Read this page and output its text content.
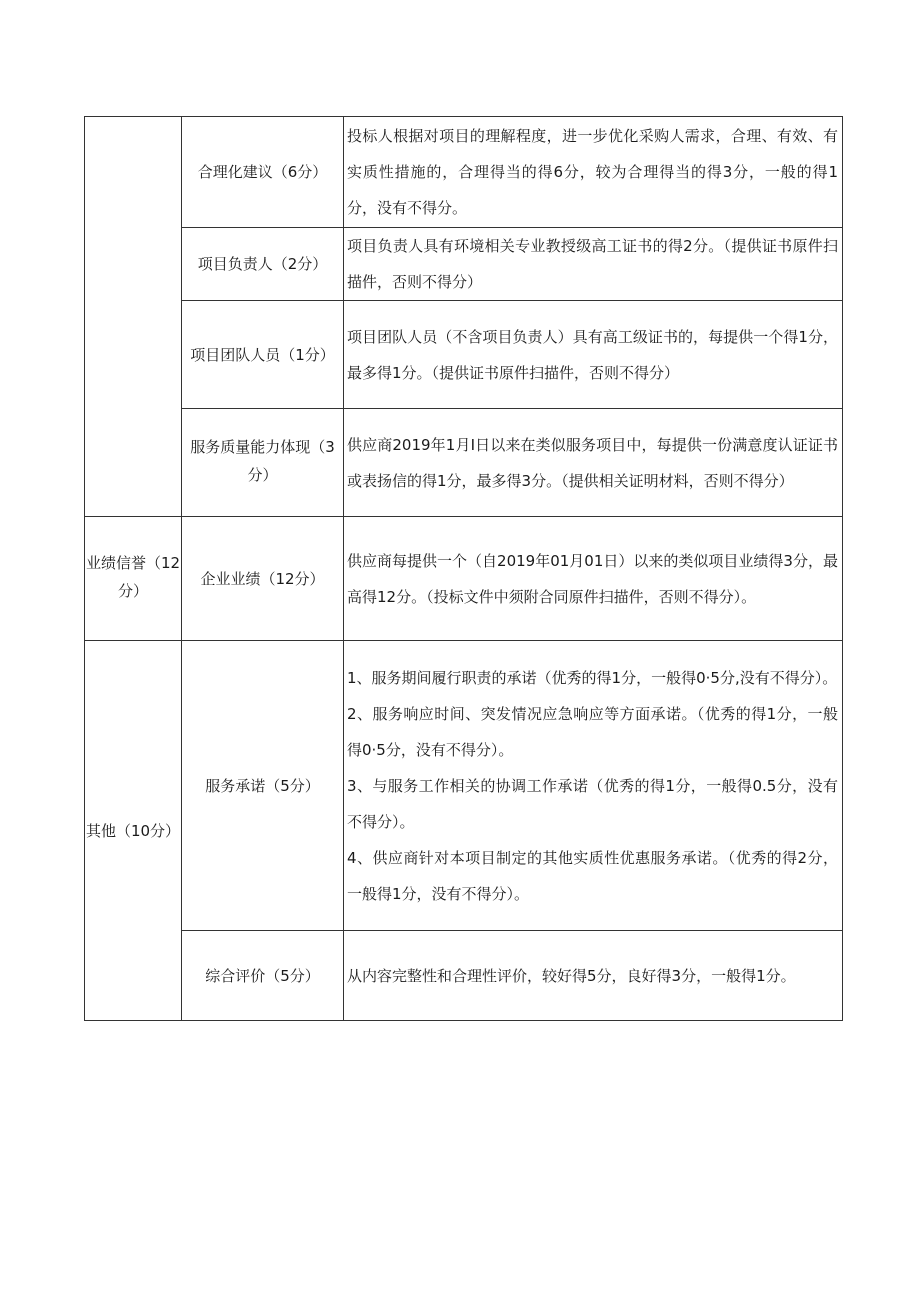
	合理化建议（6分）	投标人根据对项目的理解程度，进一步优化采购人需求，合理、有效、有实质性措施的，合理得当的得6分，较为合理得当的得3分，一般的得1分，没有不得分。

	项目负责人（2分）	项目负责人具有环境相关专业教授级高工证书的得2分。（提供证书原件扫描件，否则不得分）

	项目团队人员（1分）	项目团队人员（不含项目负责人）具有高工级证书的，每提供一个得1分，最多得1分。（提供证书原件扫描件，否则不得分）

	服务质量能力体现（3分）	供应商2019年1月I日以来在类似服务项目中，每提供一份满意度认证证书或表扬信的得1分，最多得3分。（提供相关证明材料，否则不得分）

业绩信誉（12分）	企业业绩（12分）	供应商每提供一个（自2019年01月01日）以来的类似项目业绩得3分，最高得12分。（投标文件中须附合同原件扫描件，否则不得分）。

其他（10分）	服务承诺（5分）	1、服务期间履行职责的承诺（优秀的得1分，一般得0·5分,没有不得分）。

2、服务响应时间、突发情况应急响应等方面承诺。（优秀的得1分，一般得0·5分，没有不得分）。

3、与服务工作相关的协调工作承诺（优秀的得1分，一般得0.5分，没有不得分）。

4、供应商针对本项目制定的其他实质性优惠服务承诺。（优秀的得2分，一般得1分，没有不得分）。

	综合评价（5分）	从内容完整性和合理性评价，较好得5分，良好得3分，一般得1分。
